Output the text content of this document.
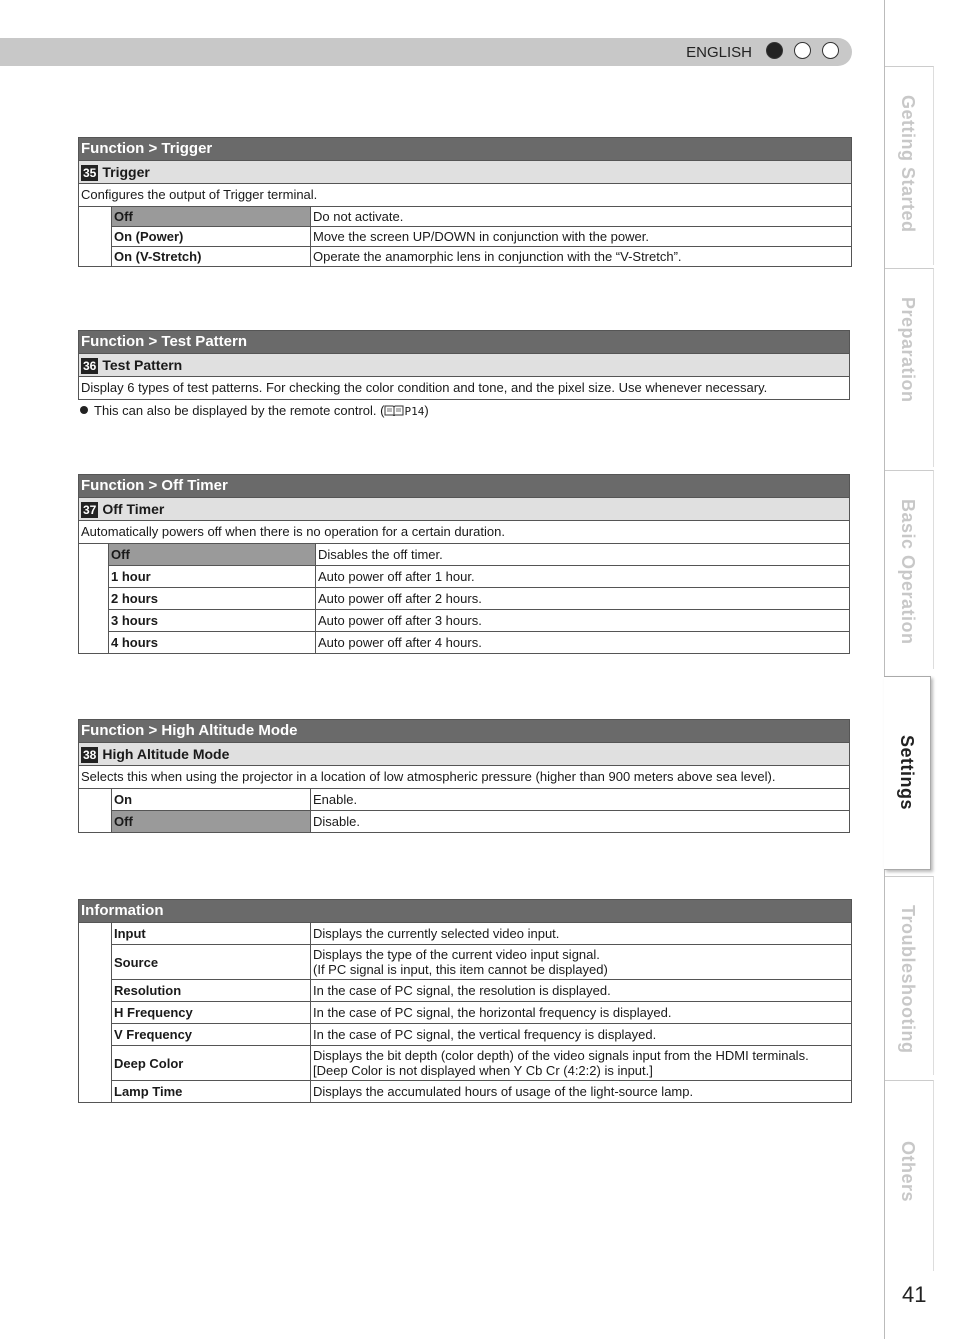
ENGLISH
Getting Started
Preparation
Basic Operation
Settings
Troubleshooting
Others
41
Function > Trigger
35 Trigger
Configures the output of Trigger terminal.
	Off	Do not activate.
	On (Power)	Move the screen UP/DOWN in conjunction with the power.
	On (V-Stretch)	Operate the anamorphic lens in conjunction with the “V-Stretch”.
Function > Test Pattern
36 Test Pattern
Display 6 types of test patterns. For checking the color condition and tone, and the pixel size. Use whenever necessary.
This can also be displayed by the remote control. ( P14)
Function > Off Timer
37 Off Timer
Automatically powers off when there is no operation for a certain duration.
	Off	Disables the off timer.
	1 hour	Auto power off after 1 hour.
	2 hours	Auto power off after 2 hours.
	3 hours	Auto power off after 3 hours.
	4 hours	Auto power off after 4 hours.
Function > High Altitude Mode
38 High Altitude Mode
Selects this when using the projector in a location of low atmospheric pressure (higher than 900 meters above sea level).
	On	Enable.
	Off	Disable.
Information
	Input	Displays the currently selected video input.
	Source	Displays the type of the current video input signal.
(If PC signal is input, this item cannot be displayed)

	Resolution	In the case of PC signal, the resolution is displayed.
	H Frequency	In the case of PC signal, the horizontal frequency is displayed.
	V Frequency	In the case of PC signal, the vertical frequency is displayed.
	Deep Color	Displays the bit depth (color depth) of the video signals input from the HDMI terminals.
[Deep Color is not displayed when Y Cb Cr (4:2:2) is input.]

	Lamp Time	Displays the accumulated hours of usage of the light-source lamp.
